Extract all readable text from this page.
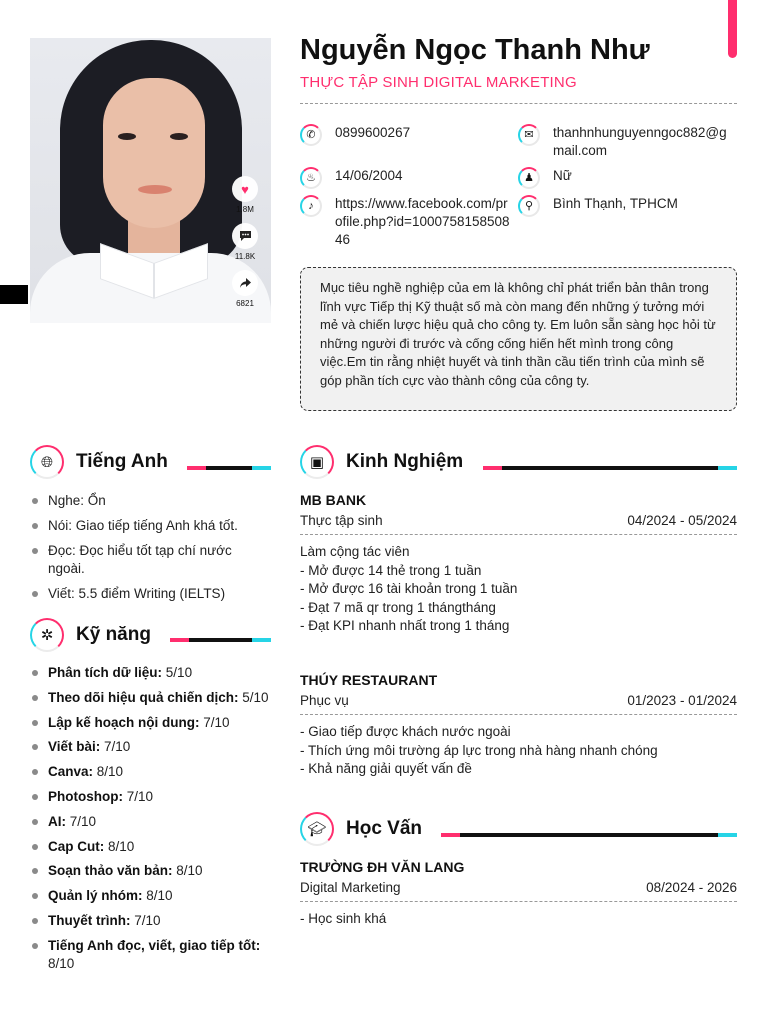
♥
1.8M
11.8K
6821
Nguyễn Ngọc Thanh Như
THỰC TẬP SINH DIGITAL MARKETING
✆	0899600267	✉	thanhnhunguyenngoc882@gmail.com
♨	14/06/2004	♟	Nữ
♪	https://www.facebook.com/profile.php?id=100075815850846
⚲	Bình Thạnh, TPHCM
Mục tiêu nghề nghiệp của em là không chỉ phát triển bản thân trong lĩnh vực Tiếp thị Kỹ thuật số mà còn mang đến những ý tưởng mới mẻ và chiến lược hiệu quả cho công ty. Em luôn sẵn sàng học hỏi từ những người đi trước và cống cống hiến hết mình trong công việc.Em tin rằng nhiệt huyết và tinh thần cầu tiến trình của mình sẽ góp phần tích cực vào thành công của công ty.
🌐︎	Tiếng Anh
Nghe: Ổn
Nói: Giao tiếp tiếng Anh khá tốt.
Đọc: Đọc hiểu tốt tạp chí nước ngoài.
Viết: 5.5 điểm Writing (IELTS)
✲	Kỹ năng
Phân tích dữ liệu: 5/10
Theo dõi hiệu quả chiến dịch: 5/10
Lập kế hoạch nội dung: 7/10
Viết bài: 7/10
Canva: 8/10
Photoshop: 7/10
AI: 7/10
Cap Cut: 8/10
Soạn thảo văn bản: 8/10
Quản lý nhóm: 8/10
Thuyết trình: 7/10
Tiếng Anh đọc, viết, giao tiếp tốt: 8/10
▣	Kinh Nghiệm
MB BANK
Thực tập sinh	04/2024 - 05/2024
Làm cộng tác viên
- Mở được 14 thẻ trong 1 tuần
- Mở được 16 tài khoản trong 1 tuần
- Đạt 7 mã qr trong 1 thángtháng
- Đạt KPI nhanh nhất trong 1 tháng
THÚY RESTAURANT
Phục vụ	01/2023 - 01/2024
- Giao tiếp được khách nước ngoài
- Thích ứng môi trường áp lực trong nhà hàng nhanh chóng
- Khả năng giải quyết vấn đề
🎓︎	Học Vấn
TRƯỜNG ĐH VĂN LANG
Digital Marketing	08/2024 - 2026
- Học sinh khá
